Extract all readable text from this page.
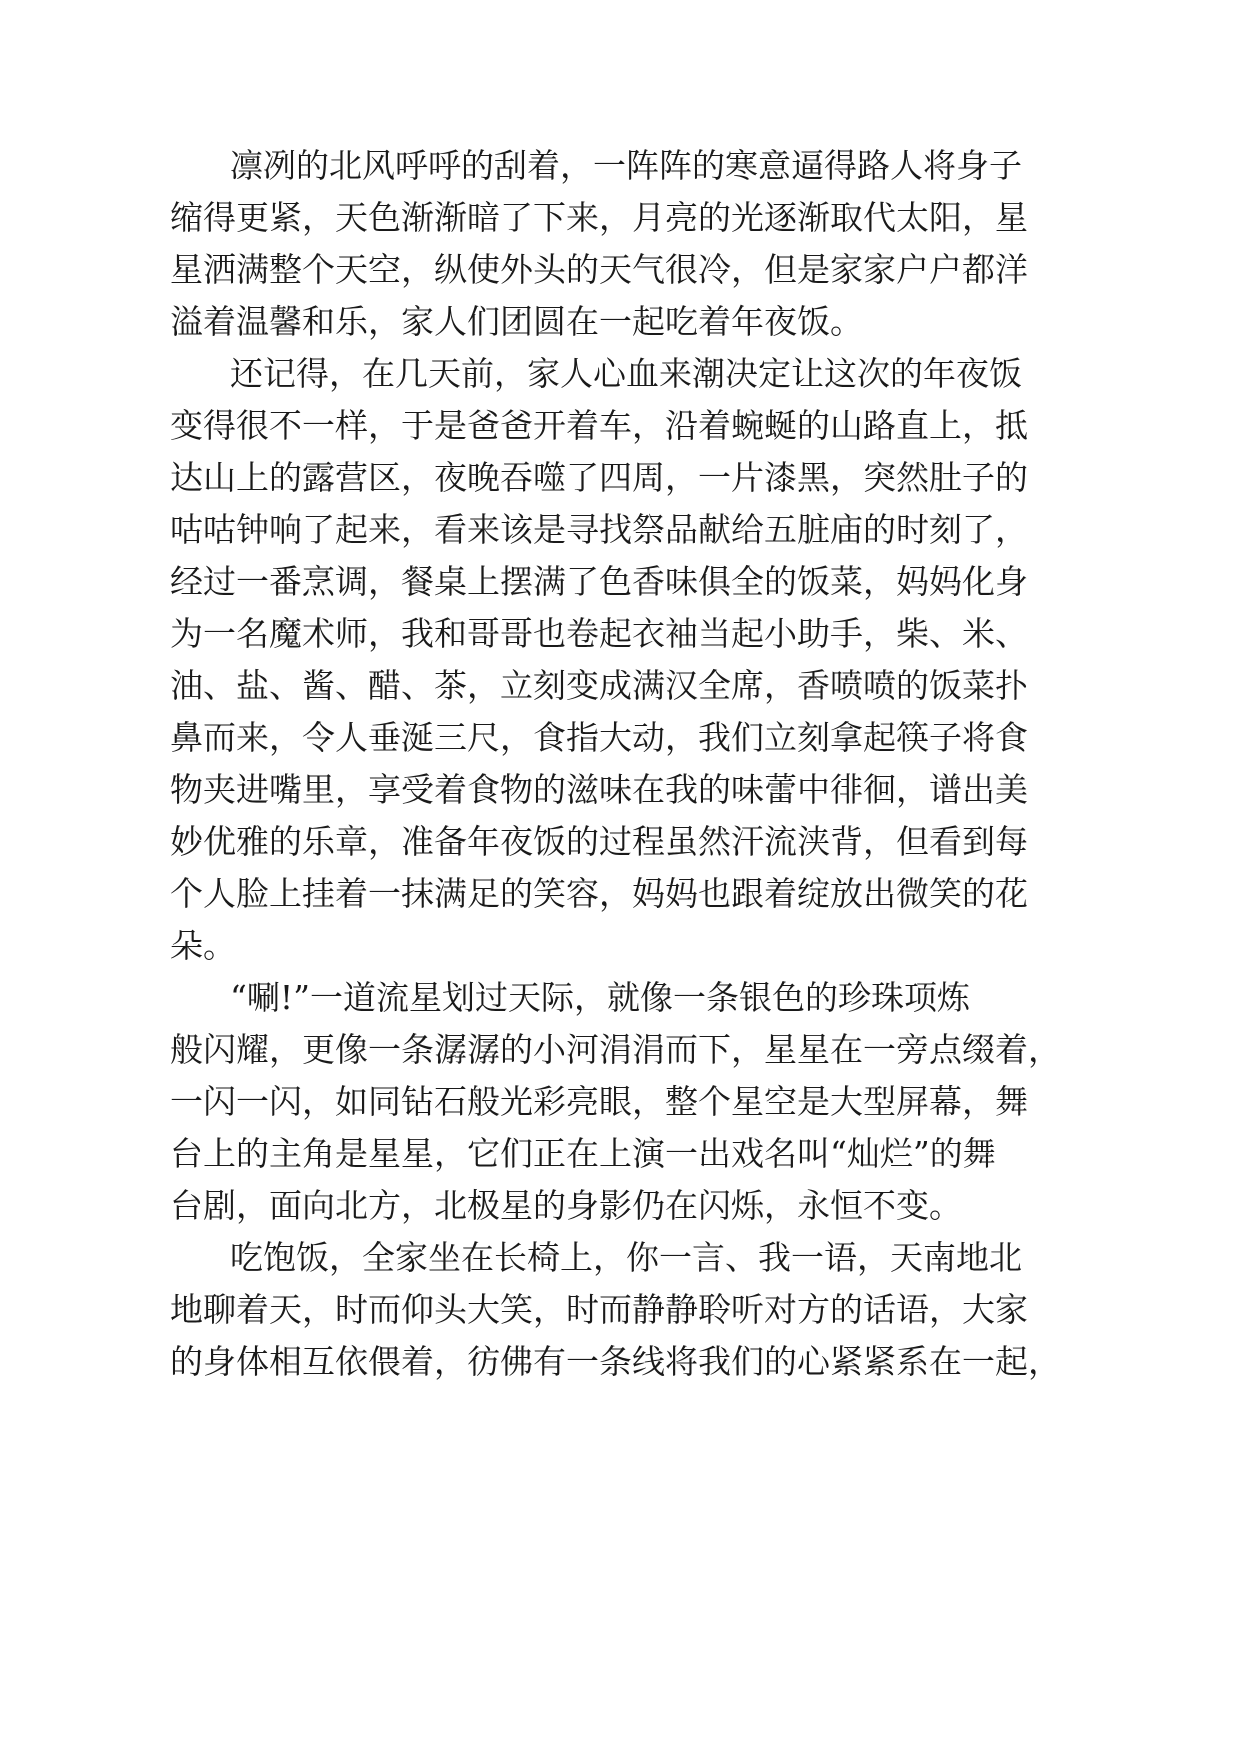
凛冽的北风呼呼的刮着，一阵阵的寒意逼得路人将身子
缩得更紧，天色渐渐暗了下来，月亮的光逐渐取代太阳，星
星洒满整个天空，纵使外头的天气很冷，但是家家户户都洋
溢着温馨和乐，家人们团圆在一起吃着年夜饭。
还记得，在几天前，家人心血来潮决定让这次的年夜饭
变得很不一样，于是爸爸开着车，沿着蜿蜒的山路直上，抵
达山上的露营区，夜晚吞噬了四周，一片漆黑，突然肚子的
咕咕钟响了起来，看来该是寻找祭品献给五脏庙的时刻了，
经过一番烹调，餐桌上摆满了色香味俱全的饭菜，妈妈化身
为一名魔术师，我和哥哥也卷起衣袖当起小助手，柴、米、
油、盐、酱、醋、茶，立刻变成满汉全席，香喷喷的饭菜扑
鼻而来，令人垂涎三尺，食指大动，我们立刻拿起筷子将食
物夹进嘴里，享受着食物的滋味在我的味蕾中徘徊，谱出美
妙优雅的乐章，准备年夜饭的过程虽然汗流浃背，但看到每
个人脸上挂着一抹满足的笑容，妈妈也跟着绽放出微笑的花
朵。
“唰!”一道流星划过天际，就像一条银色的珍珠项炼
般闪耀，更像一条潺潺的小河涓涓而下，星星在一旁点缀着，
一闪一闪，如同钻石般光彩亮眼，整个星空是大型屏幕，舞
台上的主角是星星，它们正在上演一出戏名叫“灿烂”的舞
台剧，面向北方，北极星的身影仍在闪烁，永恒不变。
吃饱饭，全家坐在长椅上，你一言、我一语，天南地北
地聊着天，时而仰头大笑，时而静静聆听对方的话语，大家
的身体相互依偎着，彷佛有一条线将我们的心紧紧系在一起，
